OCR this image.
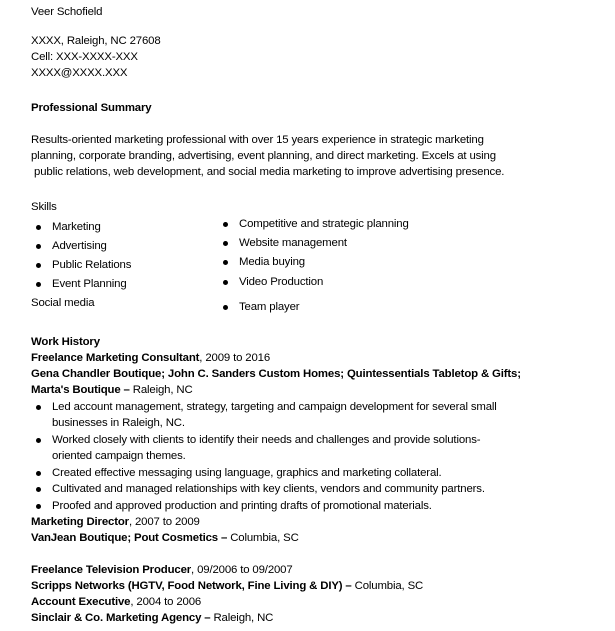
Veer Schofield
XXXX, Raleigh, NC 27608
Cell: XXX-XXXX-XXX
XXXX@XXXX.XXX
Professional Summary
Results-oriented marketing professional with over 15 years experience in strategic marketing
planning, corporate branding, advertising, event planning, and direct marketing. Excels at using
public relations, web development, and social media marketing to improve advertising presence.
Skills
Marketing
Advertising
Public Relations
Event Planning
Social media
Competitive and strategic planning
Website management
Media buying
Video Production
Team player
Work History
Freelance Marketing Consultant, 2009 to 2016
Gena Chandler Boutique; John C. Sanders Custom Homes; Quintessentials Tabletop & Gifts;
Marta's Boutique – Raleigh, NC
Led account management, strategy, targeting and campaign development for several small
businesses in Raleigh, NC.
Worked closely with clients to identify their needs and challenges and provide solutions-
oriented campaign themes.
Created effective messaging using language, graphics and marketing collateral.
Cultivated and managed relationships with key clients, vendors and community partners.
Proofed and approved production and printing drafts of promotional materials.
Marketing Director, 2007 to 2009
VanJean Boutique; Pout Cosmetics – Columbia, SC
Freelance Television Producer, 09/2006 to 09/2007
Scripps Networks (HGTV, Food Network, Fine Living & DIY) – Columbia, SC
Account Executive, 2004 to 2006
Sinclair & Co. Marketing Agency – Raleigh, NC
